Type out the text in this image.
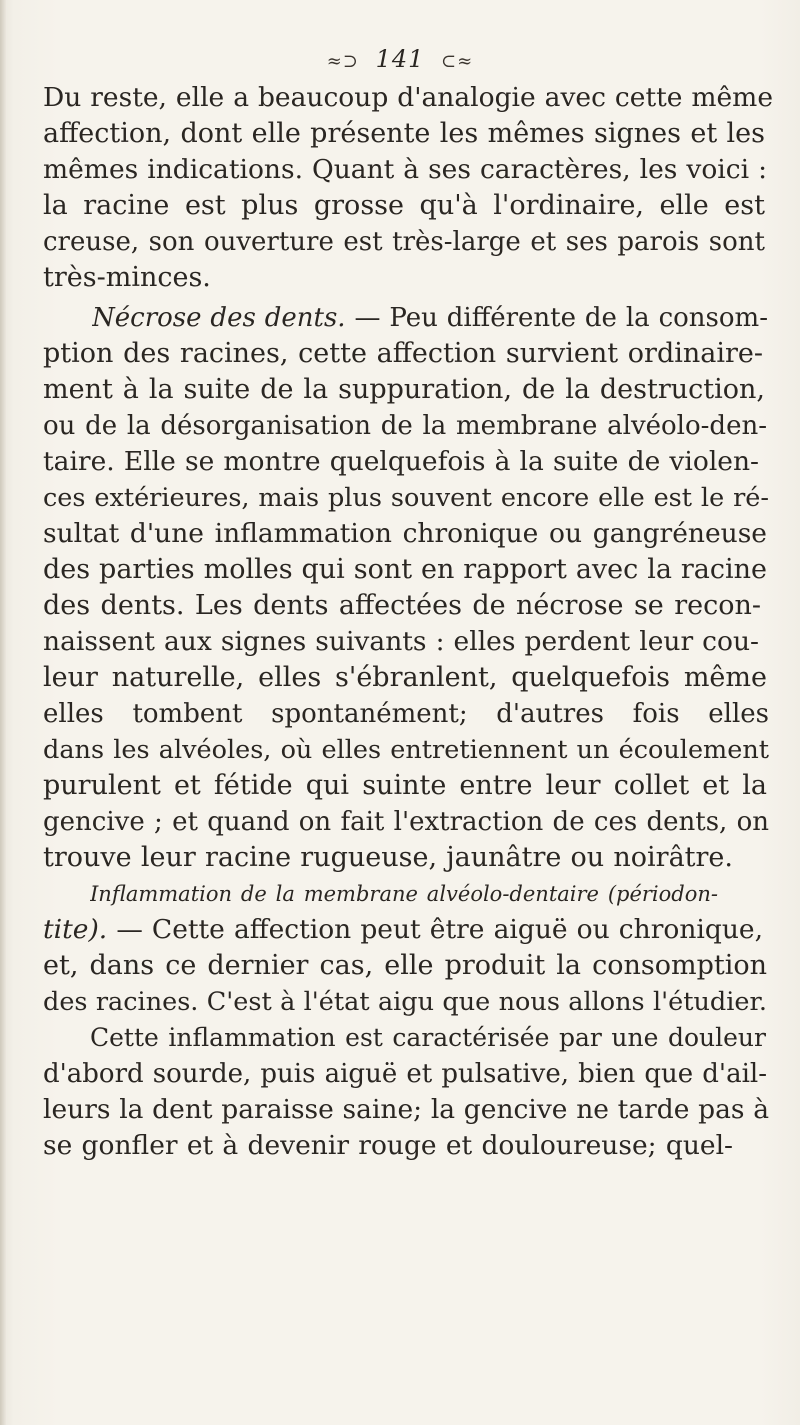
≈⊃ 141 ⊂≈
Du reste, elle a beaucoup d'analogie avec cette même
affection, dont elle présente les mêmes signes et les
mêmes indications. Quant à ses caractères, les voici :
la racine est plus grosse qu'à l'ordinaire, elle est
creuse, son ouverture est très-large et ses parois sont
très-minces.
Nécrose des dents. — Peu différente de la consom-
ption des racines, cette affection survient ordinaire-
ment à la suite de la suppuration, de la destruction,
ou de la désorganisation de la membrane alvéolo-den-
taire. Elle se montre quelquefois à la suite de violen-
ces extérieures, mais plus souvent encore elle est le ré-
sultat d'une inflammation chronique ou gangréneuse
des parties molles qui sont en rapport avec la racine
des dents. Les dents affectées de nécrose se recon-
naissent aux signes suivants : elles perdent leur cou-
leur naturelle, elles s'ébranlent, quelquefois même
elles tombent spontanément; d'autres fois elles
dans les alvéoles, où elles entretiennent un écoulement
purulent et fétide qui suinte entre leur collet et la
gencive ; et quand on fait l'extraction de ces dents, on
trouve leur racine rugueuse, jaunâtre ou noirâtre.
Inflammation de la membrane alvéolo-dentaire (périodon-
tite). — Cette affection peut être aiguë ou chronique,
et, dans ce dernier cas, elle produit la consomption
des racines. C'est à l'état aigu que nous allons l'étudier.
Cette inflammation est caractérisée par une douleur
d'abord sourde, puis aiguë et pulsative, bien que d'ail-
leurs la dent paraisse saine; la gencive ne tarde pas à
se gonfler et à devenir rouge et douloureuse; quel-
